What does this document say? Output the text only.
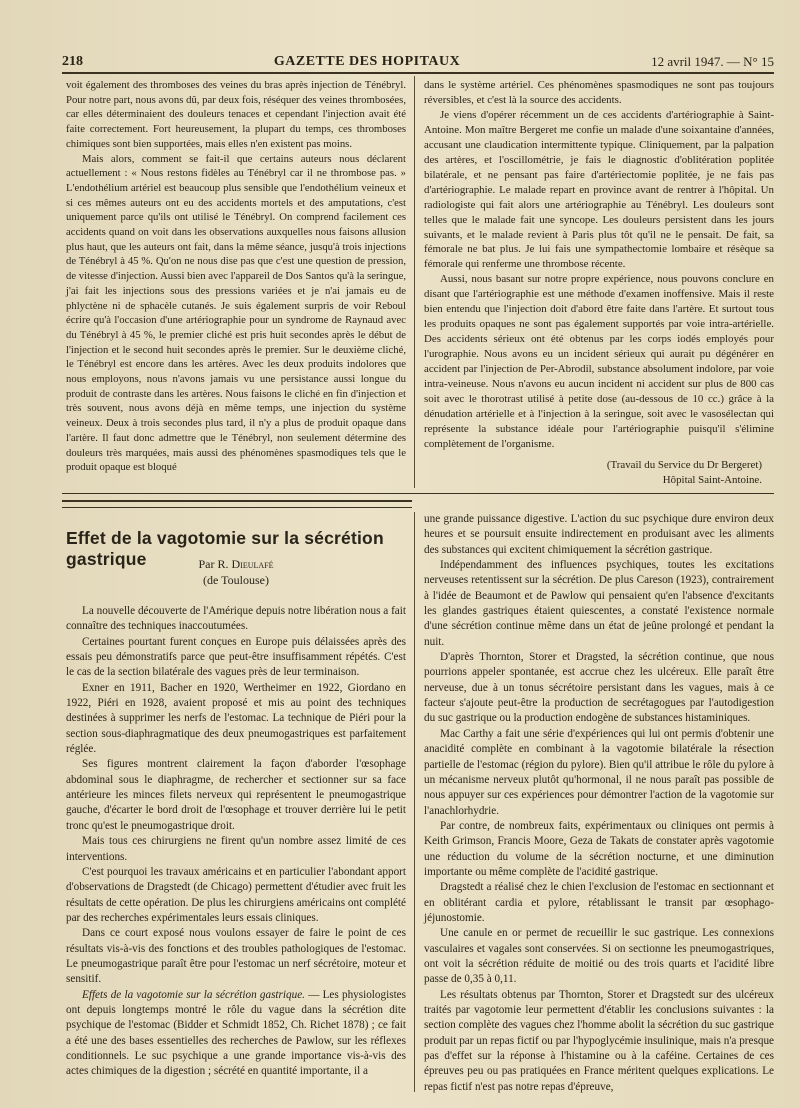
218	GAZETTE DES HOPITAUX	12 avril 1947. — N° 15

voit également des thromboses des veines du bras après injection de Ténébryl. Pour notre part, nous avons dû, par deux fois, réséquer des veines thrombosées, car elles déterminaient des douleurs tenaces et cependant l'injection avait été faite correctement. Fort heureusement, la plupart du temps, ces thromboses chimiques sont bien supportées, mais elles n'en existent pas moins.

Mais alors, comment se fait-il que certains auteurs nous déclarent actuellement : « Nous restons fidèles au Ténébryl car il ne thrombose pas. » L'endothélium artériel est beaucoup plus sensible que l'endothélium veineux et si ces mêmes auteurs ont eu des accidents mortels et des amputations, c'est uniquement parce qu'ils ont utilisé le Ténébryl. On comprend facilement ces accidents quand on voit dans les observations auxquelles nous faisons allusion plus haut, que les auteurs ont fait, dans la même séance, jusqu'à trois injections de Ténébryl à 45 %. Qu'on ne nous dise pas que c'est une question de pression, de vitesse d'injection. Aussi bien avec l'appareil de Dos Santos qu'à la seringue, j'ai fait les injections sous des pressions variées et je n'ai jamais eu de phlyctène ni de sphacèle cutanés. Je suis également surpris de voir Reboul écrire qu'à l'occasion d'une artériographie pour un syndrome de Raynaud avec du Ténébryl à 45 %, le premier cliché est pris huit secondes après le début de l'injection et le second huit secondes après le premier. Sur le deuxième cliché, le Ténébryl est encore dans les artères. Avec les deux produits indolores que nous employons, nous n'avons jamais vu une persistance aussi longue du produit de contraste dans les artères. Nous faisons le cliché en fin d'injection et très souvent, nous avons déjà en même temps, une injection du système veineux. Deux à trois secondes plus tard, il n'y a plus de produit opaque dans l'artère. Il faut donc admettre que le Ténébryl, non seulement détermine des douleurs très marquées, mais aussi des phénomènes spasmodiques tels que le produit opaque est bloqué

dans le système artériel. Ces phénomènes spasmodiques ne sont pas toujours réversibles, et c'est là la source des accidents.

Je viens d'opérer récemment un de ces accidents d'artériographie à Saint-Antoine. Mon maître Bergeret me confie un malade d'une soixantaine d'années, accusant une claudication intermittente typique. Cliniquement, par la palpation des artères, et l'oscillométrie, je fais le diagnostic d'oblitération poplitée bilatérale, et ne pensant pas faire d'artériectomie poplitée, je ne fais pas d'artériographie. Le malade repart en province avant de rentrer à l'hôpital. Un radiologiste qui fait alors une artériographie au Ténébryl. Les douleurs sont telles que le malade fait une syncope. Les douleurs persistent dans les jours suivants, et le malade revient à Paris plus tôt qu'il ne le pensait. De fait, sa fémorale ne bat plus. Je lui fais une sympathectomie lombaire et résèque sa fémorale qui renferme une thrombose récente.

Aussi, nous basant sur notre propre expérience, nous pouvons conclure en disant que l'artériographie est une méthode d'examen inoffensive. Mais il reste bien entendu que l'injection doit d'abord être faite dans l'artère. Et surtout tous les produits opaques ne sont pas également supportés par voie intra-artérielle. Des accidents sérieux ont été obtenus par les corps iodés employés pour l'urographie. Nous avons eu un incident sérieux qui aurait pu dégénérer en accident par l'injection de Per-Abrodil, substance absolument indolore, par voie intra-veineuse. Nous n'avons eu aucun incident ni accident sur plus de 800 cas soit avec le thorotrast utilisé à petite dose (au-dessous de 10 cc.) grâce à la dénudation artérielle et à l'injection à la seringue, soit avec le vasosélectan qui représente la substance idéale pour l'artériographie puisqu'il s'élimine complètement de l'organisme.

(Travail du Service du Dr Bergeret)

Hôpital Saint-Antoine.

Effet de la vagotomie sur la sécrétion gastrique	Par R. Dieulafé
(de Toulouse)

La nouvelle découverte de l'Amérique depuis notre libération nous a fait connaître des techniques inaccoutumées.

Certaines pourtant furent conçues en Europe puis délaissées après des essais peu démonstratifs parce que peut-être insuffisamment répétés. C'est le cas de la section bilatérale des vagues près de leur terminaison.

Exner en 1911, Bacher en 1920, Wertheimer en 1922, Giordano en 1922, Piéri en 1928, avaient proposé et mis au point des techniques destinées à supprimer les nerfs de l'estomac. La technique de Piéri pour la section sous-diaphragmatique des deux pneumogastriques est parfaitement réglée.

Ses figures montrent clairement la façon d'aborder l'œsophage abdominal sous le diaphragme, de rechercher et sectionner sur sa face antérieure les minces filets nerveux qui représentent le pneumogastrique gauche, d'écarter le bord droit de l'œsophage et trouver derrière lui le petit tronc qu'est le pneumogastrique droit.

Mais tous ces chirurgiens ne firent qu'un nombre assez limité de ces interventions.

C'est pourquoi les travaux américains et en particulier l'abondant apport d'observations de Dragstedt (de Chicago) permettent d'étudier avec fruit les résultats de cette opération. De plus les chirurgiens américains ont complété par des recherches expérimentales leurs essais cliniques.

Dans ce court exposé nous voulons essayer de faire le point de ces résultats vis-à-vis des fonctions et des troubles pathologiques de l'estomac. Le pneumogastrique paraît être pour l'estomac un nerf sécrétoire, moteur et sensitif.

Effets de la vagotomie sur la sécrétion gastrique. — Les physiologistes ont depuis longtemps montré le rôle du vague dans la sécrétion dite psychique de l'estomac (Bidder et Schmidt 1852, Ch. Richet 1878) ; ce fait a été une des bases essentielles des recherches de Pawlow, sur les réflexes conditionnels. Le suc psychique a une grande importance vis-à-vis des actes chimiques de la digestion ; sécrété en quantité importante, il a

une grande puissance digestive. L'action du suc psychique dure environ deux heures et se poursuit ensuite indirectement en produisant avec les aliments des substances qui excitent chimiquement la sécrétion gastrique.

Indépendamment des influences psychiques, toutes les excitations nerveuses retentissent sur la sécrétion. De plus Careson (1923), contrairement à l'idée de Beaumont et de Pawlow qui pensaient qu'en l'absence d'excitants les glandes gastriques étaient quiescentes, a constaté l'existence normale d'une sécrétion continue même dans un état de jeûne prolongé et pendant la nuit.

D'après Thornton, Storer et Dragsted, la sécrétion continue, que nous pourrions appeler spontanée, est accrue chez les ulcéreux. Elle paraît être nerveuse, due à un tonus sécrétoire persistant dans les vagues, mais à ce facteur s'ajoute peut-être la production de secrétagogues par l'autodigestion du suc gastrique ou la production endogène de substances histaminiques.

Mac Carthy a fait une série d'expériences qui lui ont permis d'obtenir une anacidité complète en combinant à la vagotomie bilatérale la résection partielle de l'estomac (région du pylore). Bien qu'il attribue le rôle du pylore à un mécanisme nerveux plutôt qu'hormonal, il ne nous paraît pas possible de nous appuyer sur ces expériences pour démontrer l'action de la vagotomie sur l'anachlorhydrie.

Par contre, de nombreux faits, expérimentaux ou cliniques ont permis à Keith Grimson, Francis Moore, Geza de Takats de constater après vagotomie une réduction du volume de la sécrétion nocturne, et une diminution importante ou même complète de l'acidité gastrique.

Dragstedt a réalisé chez le chien l'exclusion de l'estomac en sectionnant et en oblitérant cardia et pylore, rétablissant le transit par œsophago-jéjunostomie.

Une canule en or permet de recueillir le suc gastrique. Les connexions vasculaires et vagales sont conservées. Si on sectionne les pneumogastriques, ont voit la sécrétion réduite de moitié ou des trois quarts et l'acidité libre passe de 0,35 à 0,11.

Les résultats obtenus par Thornton, Storer et Dragstedt sur des ulcéreux traités par vagotomie leur permettent d'établir les conclusions suivantes : la section complète des vagues chez l'homme abolit la sécrétion du suc gastrique produit par un repas fictif ou par l'hypoglycémie insulinique, mais n'a presque pas d'effet sur la réponse à l'histamine ou à la caféine. Certaines de ces épreuves peu ou pas pratiquées en France méritent quelques explications. Le repas fictif n'est pas notre repas d'épreuve,
